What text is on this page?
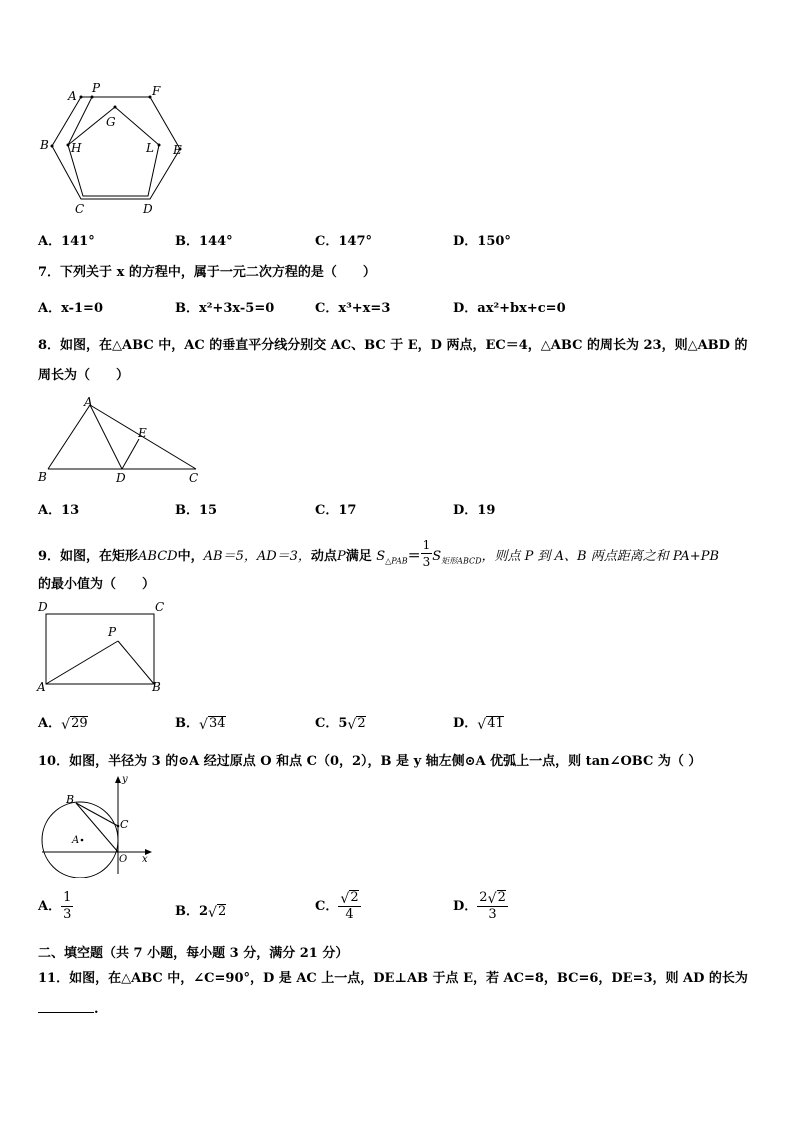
A
P	F
G
B H	L E
C	D
A．141°	B．144°	C．147°	D．150°
7．下列关于 x 的方程中，属于一元二次方程的是（　　）
A．x-1=0	B．x²+3x-5=0	C．x³+x=3	D．ax²+bx+c=0
8．如图，在△ABC 中，AC 的垂直平分线分别交 AC、BC 于 E，D 两点，EC＝4，△ABC 的周长为 23，则△ABD 的
周长为（　　）
A
E
B	D	C
A．13	B．15	C．17	D．19
9．如图，在矩形ABCD中，AB＝5，AD＝3，动点P满足 $S_{\triangle PAB}= \frac{1}{3} S_{矩形ABCD}$，则点 P 到 A、B 两点距离之和 PA+PB
的最小值为（　　）
D	C
P
A	B
A． √ 29	B． √ 34	C．5 √ 2	D． √ 41
10．如图，半径为 3 的⊙A 经过原点 O 和点 C（0，2），B 是 y 轴左侧⊙A 优弧上一点，则 tan∠OBC 为（ ）
y
B
C
A
O x
A． $\frac{1}{3}$	B．2 √ 2	C． $\frac{√ 2}{4}$	D． $\frac{2 √ 2}{3}$
二、填空题（共 7 小题，每小题 3 分，满分 21 分）
11．如图，在△ABC 中，∠C=90°，D 是 AC 上一点，DE⊥AB 于点 E，若 AC=8，BC=6，DE=3，则 AD 的长为
.
